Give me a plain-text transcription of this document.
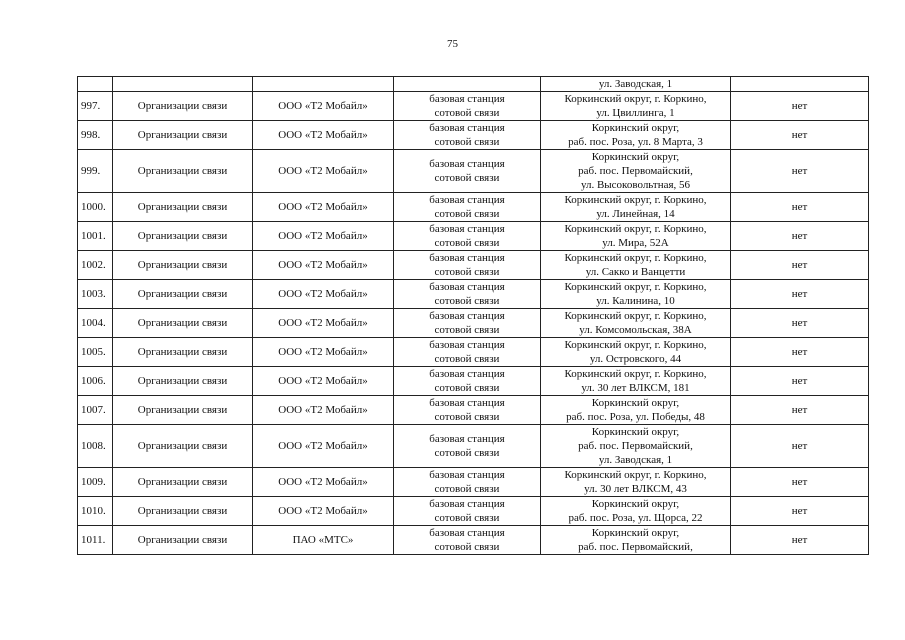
75

				ул. Заводская, 1	

997.	Организации связи	ООО «Т2 Мобайл»	базовая станция
сотовой связи	Коркинский округ, г. Коркино,
ул. Цвиллинга, 1	нет
998.	Организации связи	ООО «Т2 Мобайл»	базовая станция
сотовой связи	Коркинский округ,
раб. пос. Роза, ул. 8 Марта, 3	нет
999.	Организации связи	ООО «Т2 Мобайл»	базовая станция
сотовой связи	Коркинский округ,
раб. пос. Первомайский,
ул. Высоковольтная, 56	нет
1000.	Организации связи	ООО «Т2 Мобайл»	базовая станция
сотовой связи	Коркинский округ, г. Коркино,
ул. Линейная, 14	нет
1001.	Организации связи	ООО «Т2 Мобайл»	базовая станция
сотовой связи	Коркинский округ, г. Коркино,
ул. Мира, 52А	нет
1002.	Организации связи	ООО «Т2 Мобайл»	базовая станция
сотовой связи	Коркинский округ, г. Коркино,
ул. Сакко и Ванцетти	нет
1003.	Организации связи	ООО «Т2 Мобайл»	базовая станция
сотовой связи	Коркинский округ, г. Коркино,
ул. Калинина, 10	нет
1004.	Организации связи	ООО «Т2 Мобайл»	базовая станция
сотовой связи	Коркинский округ, г. Коркино,
ул. Комсомольская, 38А	нет
1005.	Организации связи	ООО «Т2 Мобайл»	базовая станция
сотовой связи	Коркинский округ, г. Коркино,
ул. Островского, 44	нет
1006.	Организации связи	ООО «Т2 Мобайл»	базовая станция
сотовой связи	Коркинский округ, г. Коркино,
ул. 30 лет ВЛКСМ, 181	нет
1007.	Организации связи	ООО «Т2 Мобайл»	базовая станция
сотовой связи	Коркинский округ,
раб. пос. Роза, ул. Победы, 48	нет
1008.	Организации связи	ООО «Т2 Мобайл»	базовая станция
сотовой связи	Коркинский округ,
раб. пос. Первомайский,
ул. Заводская, 1	нет
1009.	Организации связи	ООО «Т2 Мобайл»	базовая станция
сотовой связи	Коркинский округ, г. Коркино,
ул. 30 лет ВЛКСМ, 43	нет
1010.	Организации связи	ООО «Т2 Мобайл»	базовая станция
сотовой связи	Коркинский округ,
раб. пос. Роза, ул. Щорса, 22	нет
1011.	Организации связи	ПАО «МТС»	базовая станция
сотовой связи	Коркинский округ,
раб. пос. Первомайский,	нет
